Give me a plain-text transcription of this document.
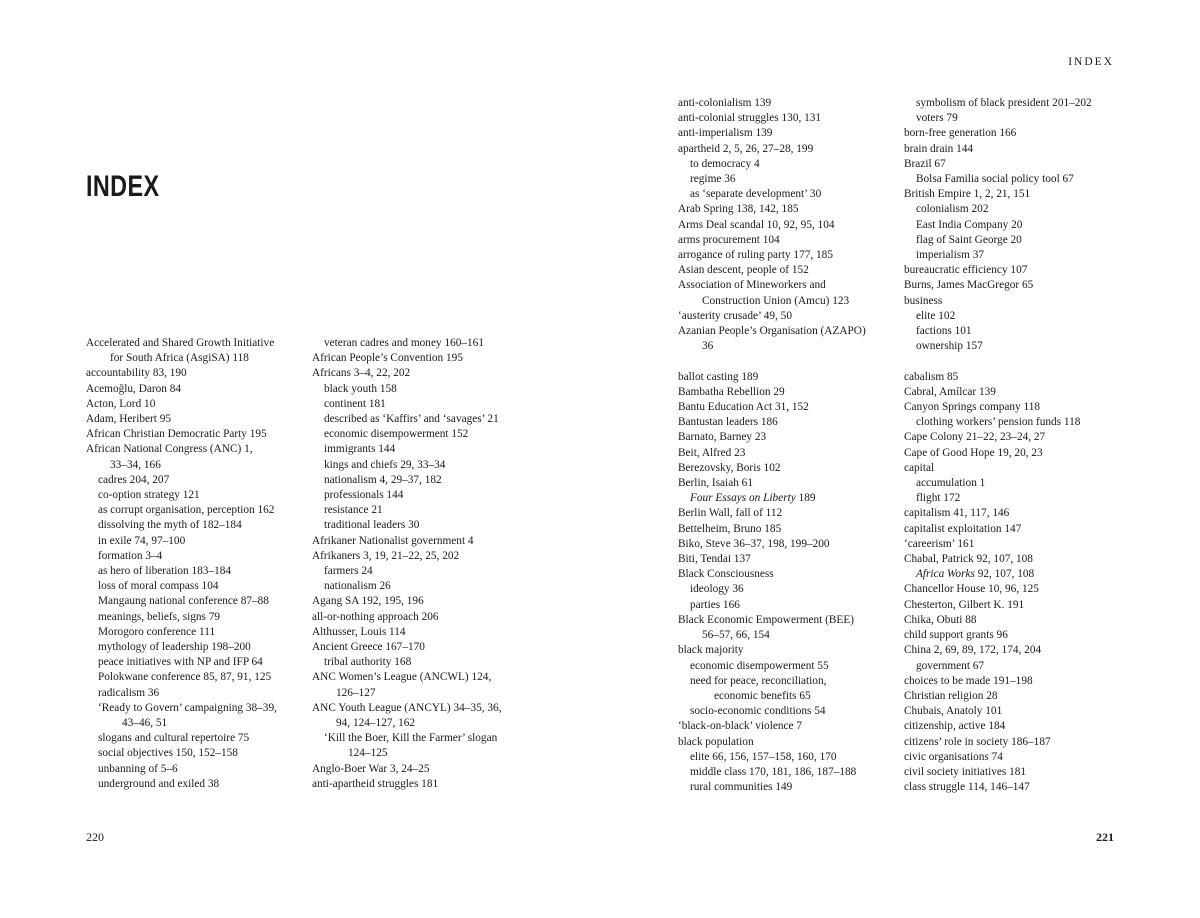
INDEX
Accelerated and Shared Growth Initiative
for South Africa (AsgiSA) 118
accountability 83, 190
Acemoğlu, Daron 84
Acton, Lord 10
Adam, Heribert 95
African Christian Democratic Party 195
African National Congress (ANC) 1,
33–34, 166
cadres 204, 207
co-option strategy 121
as corrupt organisation, perception 162
dissolving the myth of 182–184
in exile 74, 97–100
formation 3–4
as hero of liberation 183–184
loss of moral compass 104
Mangaung national conference 87–88
meanings, beliefs, signs 79
Morogoro conference 111
mythology of leadership 198–200
peace initiatives with NP and IFP 64
Polokwane conference 85, 87, 91, 125
radicalism 36
‘Ready to Govern’ campaigning 38–39,
43–46, 51
slogans and cultural repertoire 75
social objectives 150, 152–158
unbanning of 5–6
underground and exiled 38
veteran cadres and money 160–161
African People’s Convention 195
Africans 3–4, 22, 202
black youth 158
continent 181
described as ‘Kaffirs’ and ‘savages’ 21
economic disempowerment 152
immigrants 144
kings and chiefs 29, 33–34
nationalism 4, 29–37, 182
professionals 144
resistance 21
traditional leaders 30
Afrikaner Nationalist government 4
Afrikaners 3, 19, 21–22, 25, 202
farmers 24
nationalism 26
Agang SA 192, 195, 196
all-or-nothing approach 206
Althusser, Louis 114
Ancient Greece 167–170
tribal authority 168
ANC Women’s League (ANCWL) 124,
126–127
ANC Youth League (ANCYL) 34–35, 36,
94, 124–127, 162
‘Kill the Boer, Kill the Farmer’ slogan
124–125
Anglo-Boer War 3, 24–25
anti-apartheid struggles 181
220
INDEX
anti-colonialism 139
anti-colonial struggles 130, 131
anti-imperialism 139
apartheid 2, 5, 26, 27–28, 199
to democracy 4
regime 36
as ‘separate development’ 30
Arab Spring 138, 142, 185
Arms Deal scandal 10, 92, 95, 104
arms procurement 104
arrogance of ruling party 177, 185
Asian descent, people of 152
Association of Mineworkers and
Construction Union (Amcu) 123
‘austerity crusade’ 49, 50
Azanian People’s Organisation (AZAPO)
36
ballot casting 189
Bambatha Rebellion 29
Bantu Education Act 31, 152
Bantustan leaders 186
Barnato, Barney 23
Beit, Alfred 23
Berezovsky, Boris 102
Berlin, Isaiah 61
Four Essays on Liberty 189
Berlin Wall, fall of 112
Bettelheim, Bruno 185
Biko, Steve 36–37, 198, 199–200
Biti, Tendai 137
Black Consciousness
ideology 36
parties 166
Black Economic Empowerment (BEE)
56–57, 66, 154
black majority
economic disempowerment 55
need for peace, reconciliation,
economic benefits 65
socio-economic conditions 54
‘black-on-black’ violence 7
black population
elite 66, 156, 157–158, 160, 170
middle class 170, 181, 186, 187–188
rural communities 149
symbolism of black president 201–202
voters 79
born-free generation 166
brain drain 144
Brazil 67
Bolsa Familia social policy tool 67
British Empire 1, 2, 21, 151
colonialism 202
East India Company 20
flag of Saint George 20
imperialism 37
bureaucratic efficiency 107
Burns, James MacGregor 65
business
elite 102
factions 101
ownership 157
cabalism 85
Cabral, Amílcar 139
Canyon Springs company 118
clothing workers’ pension funds 118
Cape Colony 21–22, 23–24, 27
Cape of Good Hope 19, 20, 23
capital
accumulation 1
flight 172
capitalism 41, 117, 146
capitalist exploitation 147
‘careerism’ 161
Chabal, Patrick 92, 107, 108
Africa Works 92, 107, 108
Chancellor House 10, 96, 125
Chesterton, Gilbert K. 191
Chika, Obuti 88
child support grants 96
China 2, 69, 89, 172, 174, 204
government 67
choices to be made 191–198
Christian religion 28
Chubais, Anatoly 101
citizenship, active 184
citizens’ role in society 186–187
civic organisations 74
civil society initiatives 181
class struggle 114, 146–147
221
